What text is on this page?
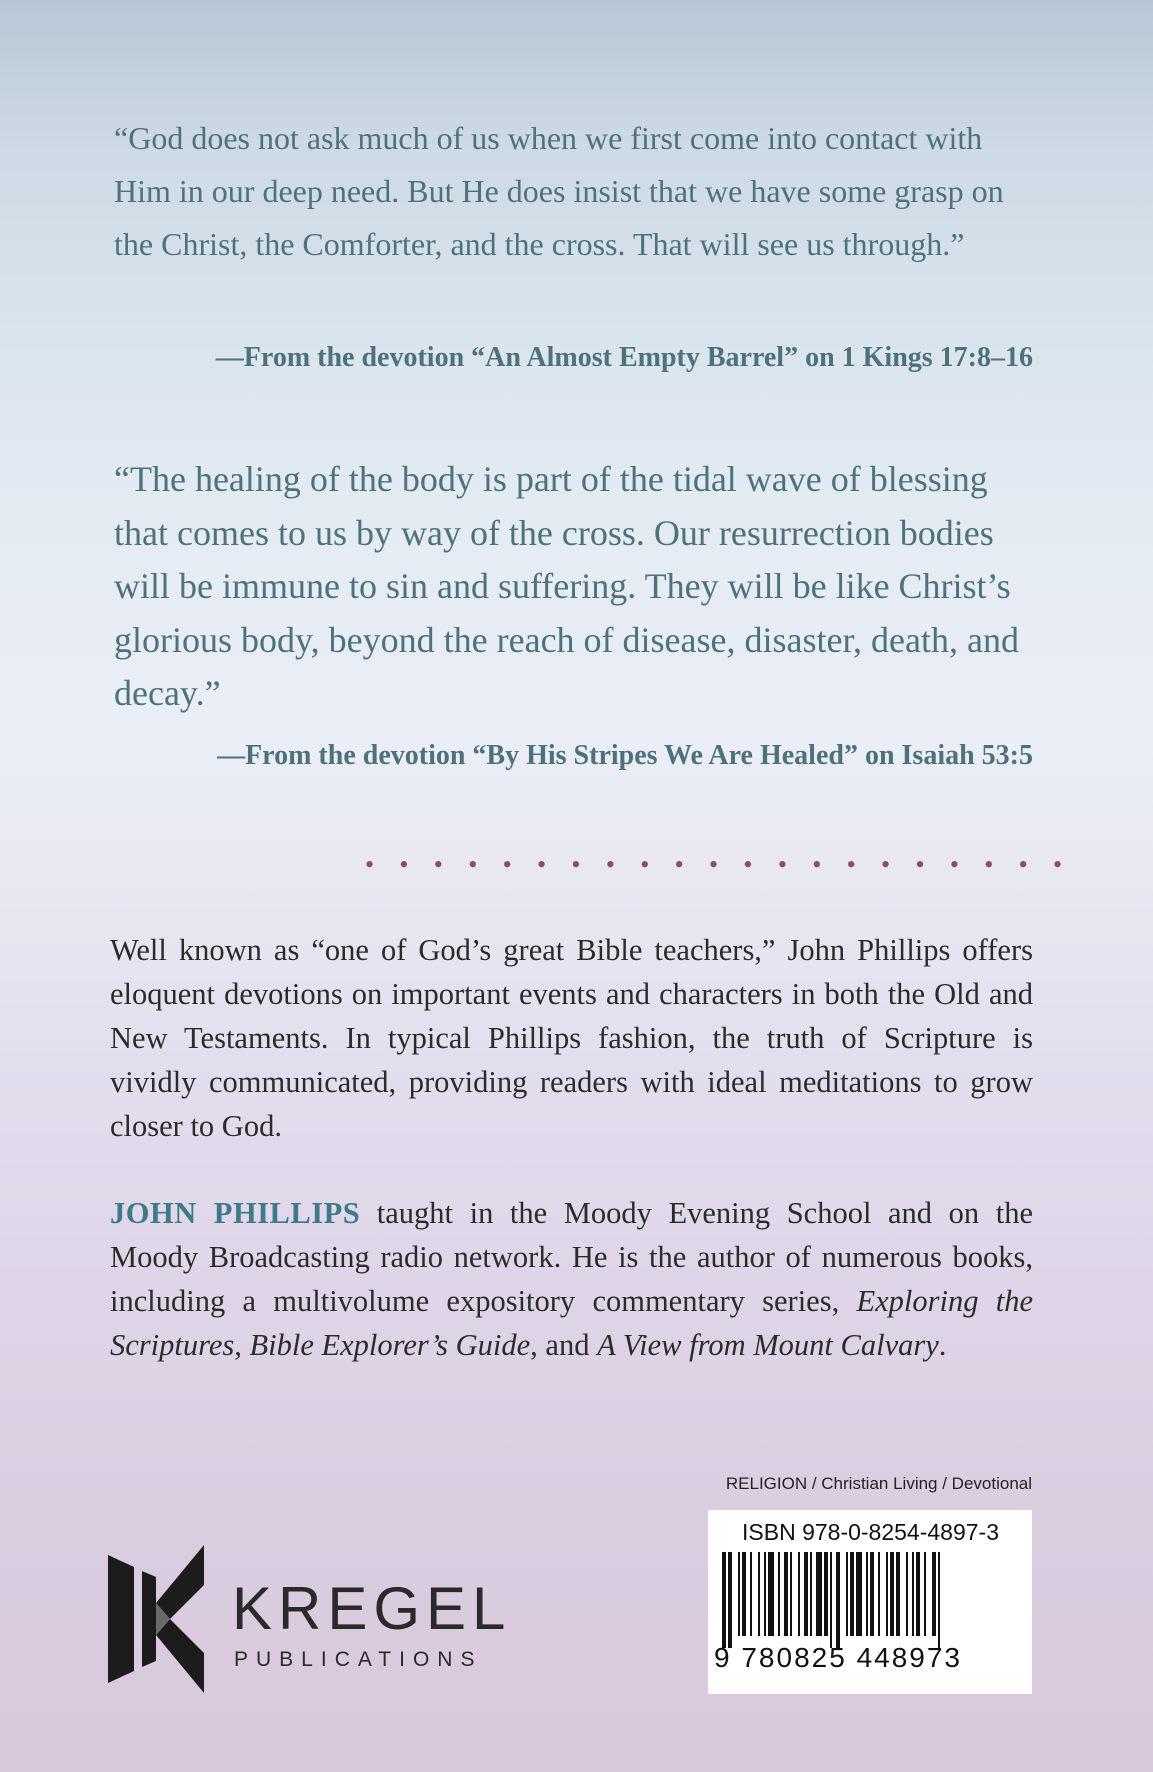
“God does not ask much of us when we first come into contact with Him in our deep need. But He does insist that we have some grasp on the Christ, the Comforter, and the cross. That will see us through.”

—From the devotion “An Almost Empty Barrel” on 1 Kings 17:8–16

“The healing of the body is part of the tidal wave of blessing that comes to us by way of the cross. Our resurrection bodies will be immune to sin and suffering. They will be like Christ’s glorious body, beyond the reach of disease, disaster, death, and decay.”

—From the devotion “By His Stripes We Are Healed” on Isaiah 53:5

• • • • • • • • • • • • • • • • • • • • •

Well known as “one of God’s great Bible teachers,” John Phillips offers eloquent devotions on important events and characters in both the Old and New Testaments. In typical Phillips fashion, the truth of Scripture is vividly communicated, providing readers with ideal meditations to grow closer to God.

JOHN PHILLIPS taught in the Moody Evening School and on the Moody Broadcasting radio network. He is the author of numerous books, including a multivolume expository commentary series, Exploring the Scriptures, Bible Explorer’s Guide, and A View from Mount Calvary.

RELIGION / Christian Living / Devotional
KREGEL
PUBLICATIONS
ISBN 978-0-8254-4897-3
9 780825 448973
